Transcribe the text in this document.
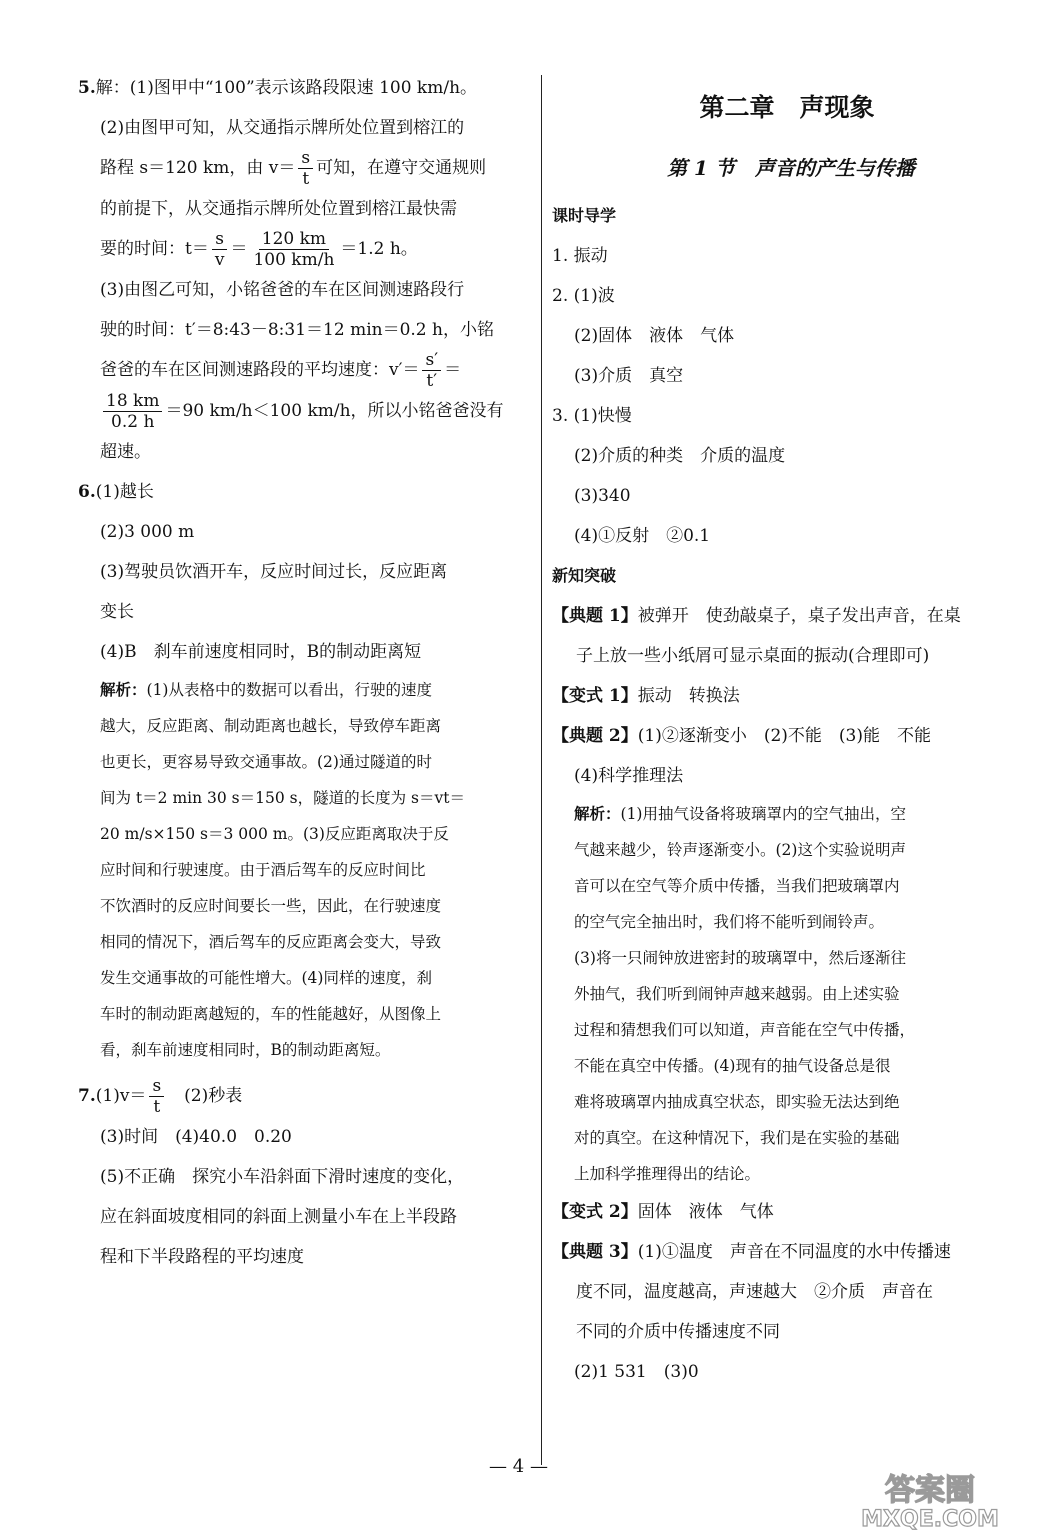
5.解：(1)图甲中“100”表示该路段限速 100 km/h。
(2)由图甲可知，从交通指示牌所处位置到榕江的
路程 s＝120 km，由 $v= \frac{s}{t}$ 可知，在遵守交通规则
的前提下，从交通指示牌所处位置到榕江最快需
要的时间：$t= \frac{s}{v} = \frac{120 km}{100 km/h} =1.2$ h。
(3)由图乙可知，小铭爸爸的车在区间测速路段行
驶的时间：t′＝8:43－8:31＝12 min＝0.2 h，小铭
爸爸的车在区间测速路段的平均速度：$v'= \frac{s'}{t'}$ ＝
$\frac{18 km}{0.2 h} =90$ km/h＜100 km/h，所以小铭爸爸没有
超速。
6.(1)越长
(2)3 000 m
(3)驾驶员饮酒开车，反应时间过长，反应距离
变长
(4)B　刹车前速度相同时，B的制动距离短
解析：(1)从表格中的数据可以看出，行驶的速度
越大，反应距离、制动距离也越长，导致停车距离
也更长，更容易导致交通事故。(2)通过隧道的时
间为 t＝2 min 30 s＝150 s，隧道的长度为 s＝vt＝
20 m/s×150 s＝3 000 m。(3)反应距离取决于反
应时间和行驶速度。由于酒后驾车的反应时间比
不饮酒时的反应时间要长一些，因此，在行驶速度
相同的情况下，酒后驾车的反应距离会变大，导致
发生交通事故的可能性增大。(4)同样的速度，刹
车时的制动距离越短的，车的性能越好，从图像上
看，刹车前速度相同时，B的制动距离短。
$7.(1)v= \frac{s}{t}$ 　(2)秒表
(3)时间　(4)40.0　0.20
(5)不正确　探究小车沿斜面下滑时速度的变化，
应在斜面坡度相同的斜面上测量小车在上半段路
程和下半段路程的平均速度
第二章　声现象
第 1 节　声音的产生与传播
课时导学
1. 振动
2. (1)波
(2)固体　液体　气体
(3)介质　真空
3. (1)快慢
(2)介质的种类　介质的温度
(3)340
(4)①反射　②0.1
新知突破
【典题 1】被弹开　使劲敲桌子，桌子发出声音，在桌
子上放一些小纸屑可显示桌面的振动(合理即可)
【变式 1】振动　转换法
【典题 2】(1)②逐渐变小　(2)不能　(3)能　不能
(4)科学推理法
解析：(1)用抽气设备将玻璃罩内的空气抽出，空
气越来越少，铃声逐渐变小。(2)这个实验说明声
音可以在空气等介质中传播，当我们把玻璃罩内
的空气完全抽出时，我们将不能听到闹铃声。
(3)将一只闹钟放进密封的玻璃罩中，然后逐渐往
外抽气，我们听到闹钟声越来越弱。由上述实验
过程和猜想我们可以知道，声音能在空气中传播，
不能在真空中传播。(4)现有的抽气设备总是很
难将玻璃罩内抽成真空状态，即实验无法达到绝
对的真空。在这种情况下，我们是在实验的基础
上加科学推理得出的结论。
【变式 2】固体　液体　气体
【典题 3】(1)①温度　声音在不同温度的水中传播速
度不同，温度越高，声速越大　②介质　声音在
不同的介质中传播速度不同
(2)1 531　(3)0
— 4 —
答案圈
MXQE.COM
